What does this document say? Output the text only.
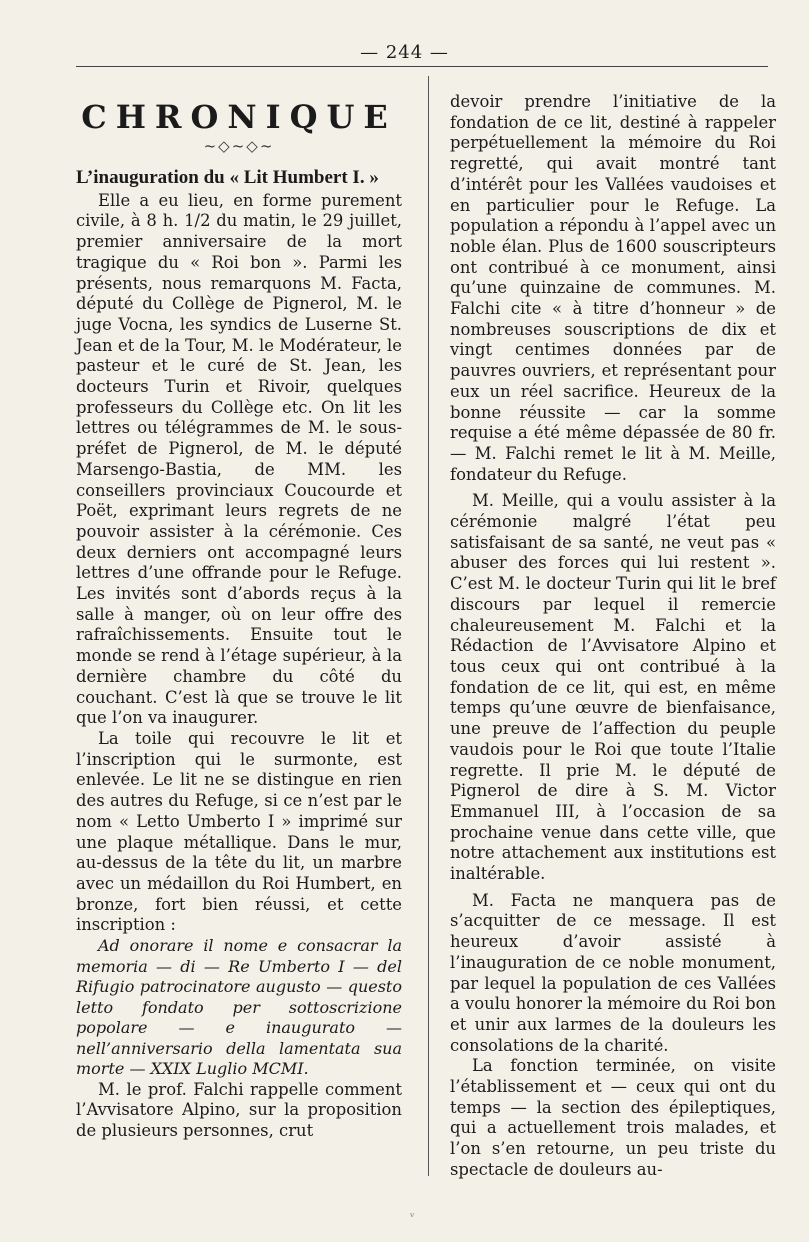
— 244 —
CHRONIQUE
~◇~◇~
L’inauguration du « Lit Humbert I. »

Elle a eu lieu, en forme purement civile, à 8 h. 1/2 du matin, le 29 juillet, premier anniversaire de la mort tragique du « Roi bon ». Parmi les présents, nous remarquons M. Facta, député du Collège de Pignerol, M. le juge Vocna, les syndics de Luserne St. Jean et de la Tour, M. le Modérateur, le pasteur et le curé de St. Jean, les docteurs Turin et Rivoir, quelques professeurs du Collège etc. On lit les lettres ou télégrammes de M. le sous-préfet de Pignerol, de M. le député Marsengo-Bastia, de MM. les conseillers provinciaux Coucourde et Poët, exprimant leurs regrets de ne pouvoir assister à la cérémonie. Ces deux derniers ont accompagné leurs lettres d’une offrande pour le Refuge. Les invités sont d’abords reçus à la salle à manger, où on leur offre des rafraîchissements. Ensuite tout le monde se rend à l’étage supérieur, à la dernière chambre du côté du couchant. C’est là que se trouve le lit que l’on va inaugurer.

La toile qui recouvre le lit et l’inscription qui le surmonte, est enlevée. Le lit ne se distingue en rien des autres du Refuge, si ce n’est par le nom « Letto Umberto I » imprimé sur une plaque métallique. Dans le mur, au-dessus de la tête du lit, un marbre avec un médaillon du Roi Humbert, en bronze, fort bien réussi, et cette inscription :

Ad onorare il nome e consacrar la memoria — di — Re Umberto I — del Rifugio patrocinatore augusto — questo letto fondato per sottoscrizione popolare — e inaugurato — nell’anniversario della lamentata sua morte — XXIX Luglio MCMI.

M. le prof. Falchi rappelle comment l’Avvisatore Alpino, sur la proposition de plusieurs personnes, crut

devoir prendre l’initiative de la fondation de ce lit, destiné à rappeler perpétuellement la mémoire du Roi regretté, qui avait montré tant d’intérêt pour les Vallées vaudoises et en particulier pour le Refuge. La population a répondu à l’appel avec un noble élan. Plus de 1600 souscripteurs ont contribué à ce monument, ainsi qu’une quinzaine de communes. M. Falchi cite « à titre d’honneur » de nombreuses souscriptions de dix et vingt centimes données par de pauvres ouvriers, et représentant pour eux un réel sacrifice. Heureux de la bonne réussite — car la somme requise a été même dépassée de 80 fr. — M. Falchi remet le lit à M. Meille, fondateur du Refuge.

M. Meille, qui a voulu assister à la cérémonie malgré l’état peu satisfaisant de sa santé, ne veut pas « abuser des forces qui lui restent ». C’est M. le docteur Turin qui lit le bref discours par lequel il remercie chaleureusement M. Falchi et la Rédaction de l’Avvisatore Alpino et tous ceux qui ont contribué à la fondation de ce lit, qui est, en même temps qu’une œuvre de bienfaisance, une preuve de l’affection du peuple vaudois pour le Roi que toute l’Italie regrette. Il prie M. le député de Pignerol de dire à S. M. Victor Emmanuel III, à l’occasion de sa prochaine venue dans cette ville, que notre attachement aux institutions est inaltérable.

M. Facta ne manquera pas de s’acquitter de ce message. Il est heureux d’avoir assisté à l’inauguration de ce noble monument, par lequel la population de ces Vallées a voulu honorer la mémoire du Roi bon et unir aux larmes de la douleurs les consolations de la charité.

La fonction terminée, on visite l’établissement et — ceux qui ont du temps — la section des épileptiques, qui a actuellement trois malades, et l’on s’en retourne, un peu triste du spectacle de douleurs au-

ᵛ
